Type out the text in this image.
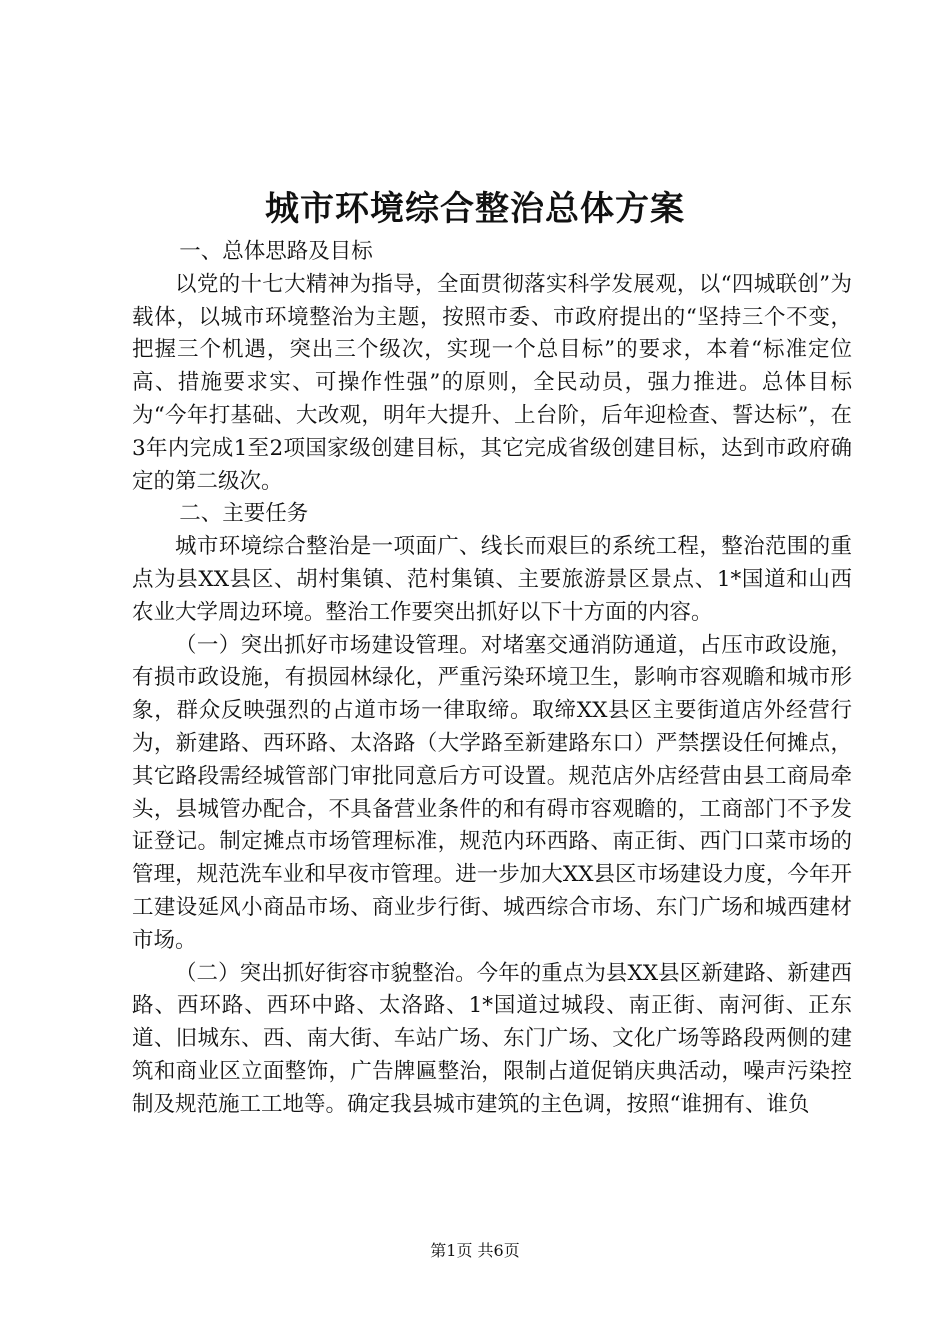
城市环境综合整治总体方案

一、总体思路及目标

以党的十七大精神为指导，全面贯彻落实科学发展观，以“四城联创”为载体，以城市环境整治为主题，按照市委、市政府提出的“坚持三个不变，把握三个机遇，突出三个级次，实现一个总目标”的要求，本着“标准定位高、措施要求实、可操作性强”的原则，全民动员，强力推进。总体目标为“今年打基础、大改观，明年大提升、上台阶，后年迎检查、誓达标”，在3年内完成1至2项国家级创建目标，其它完成省级创建目标，达到市政府确定的第二级次。

二、主要任务

城市环境综合整治是一项面广、线长而艰巨的系统工程，整治范围的重点为县XX县区、胡村集镇、范村集镇、主要旅游景区景点、1*国道和山西农业大学周边环境。整治工作要突出抓好以下十方面的内容。

（一）突出抓好市场建设管理。对堵塞交通消防通道，占压市政设施，有损市政设施，有损园林绿化，严重污染环境卫生，影响市容观瞻和城市形象，群众反映强烈的占道市场一律取缔。取缔XX县区主要街道店外经营行为，新建路、西环路、太洛路（大学路至新建路东口）严禁摆设任何摊点，其它路段需经城管部门审批同意后方可设置。规范店外店经营由县工商局牵头，县城管办配合，不具备营业条件的和有碍市容观瞻的，工商部门不予发证登记。制定摊点市场管理标准，规范内环西路、南正街、西门口菜市场的管理，规范洗车业和早夜市管理。进一步加大XX县区市场建设力度，今年开工建设延风小商品市场、商业步行街、城西综合市场、东门广场和城西建材市场。

（二）突出抓好街容市貌整治。今年的重点为县XX县区新建路、新建西路、西环路、西环中路、太洛路、1*国道过城段、南正街、南河街、正东道、旧城东、西、南大街、车站广场、东门广场、文化广场等路段两侧的建筑和商业区立面整饰，广告牌匾整治，限制占道促销庆典活动，噪声污染控制及规范施工工地等。确定我县城市建筑的主色调，按照“谁拥有、谁负

第1页 共6页
